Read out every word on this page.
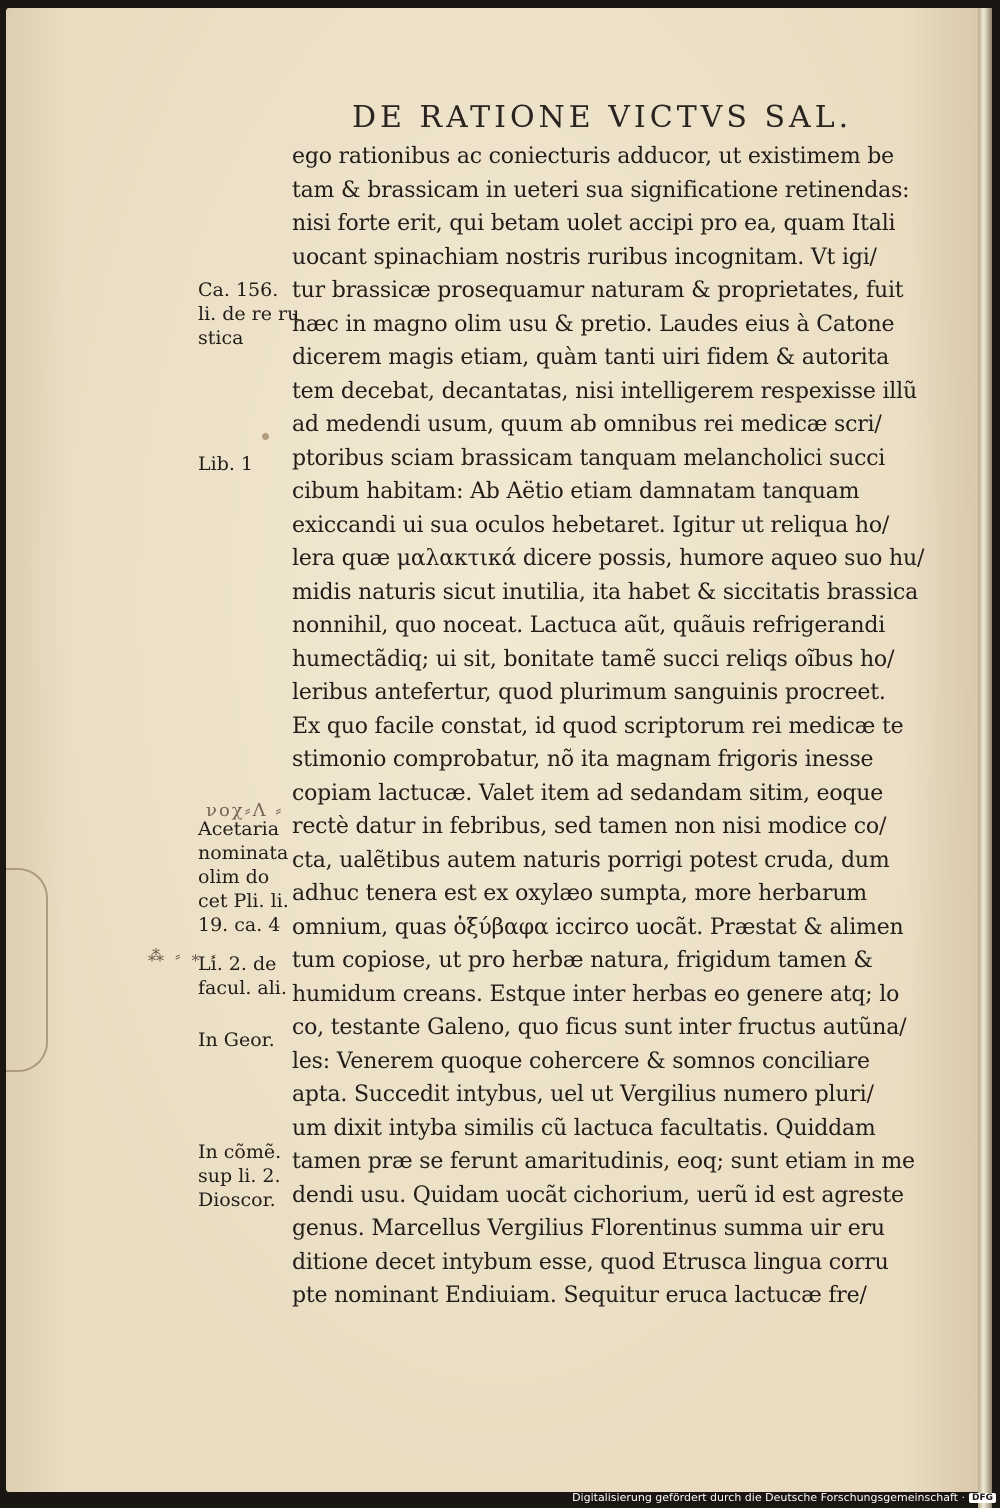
νοχ⸗Λ ⸗
⁂ ⸗ ⁎ ⸗
DE RATIONE VICTVS SAL.
ego rationibus ac coniecturis adducor, ut existimem be
tam & brassicam in ueteri sua significatione retinendas:
nisi forte erit, qui betam uolet accipi pro ea, quam Itali
uocant spinachiam nostris ruribus incognitam. Vt igi/
tur brassicæ prosequamur naturam & proprietates, fuit
hæc in magno olim usu & pretio. Laudes eius à Catone
dicerem magis etiam, quàm tanti uiri fidem & autorita
tem decebat, decantatas, nisi intelligerem respexisse illũ
ad medendi usum, quum ab omnibus rei medicæ scri/
ptoribus sciam brassicam tanquam melancholici succi
cibum habitam: Ab Aëtio etiam damnatam tanquam
exiccandi ui sua oculos hebetaret. Igitur ut reliqua ho/
lera quæ μαλακτικά dicere possis, humore aqueo suo hu/
midis naturis sicut inutilia, ita habet & siccitatis brassica
nonnihil, quo noceat. Lactuca aũt, quãuis refrigerandi
humectãdiq; ui sit, bonitate tamẽ succi reliqs oĩbus ho/
leribus antefertur, quod plurimum sanguinis procreet.
Ex quo facile constat, id quod scriptorum rei medicæ te
stimonio comprobatur, nõ ita magnam frigoris inesse
copiam lactucæ. Valet item ad sedandam sitim, eoque
rectè datur in febribus, sed tamen non nisi modice co/
cta, ualẽtibus autem naturis porrigi potest cruda, dum
adhuc tenera est ex oxylæo sumpta, more herbarum
omnium, quas ὀξύβαφα iccirco uocãt. Præstat & alimen
tum copiose, ut pro herbæ natura, frigidum tamen &
humidum creans. Estque inter herbas eo genere atq; lo
co, testante Galeno, quo ficus sunt inter fructus autũna/
les: Venerem quoque cohercere & somnos conciliare
apta. Succedit intybus, uel ut Vergilius numero pluri/
um dixit intyba similis cũ lactuca facultatis. Quiddam
tamen præ se ferunt amaritudinis, eoq; sunt etiam in me
dendi usu. Quidam uocãt cichorium, uerũ id est agreste
genus. Marcellus Vergilius Florentinus summa uir eru
ditione decet intybum esse, quod Etrusca lingua corru
pte nominant Endiuiam. Sequitur eruca lactucæ fre/
Ca. 156.
li. de re ru
stica
Lib. 1
Acetaria
nominata
olim do
cet Pli. li.
19. ca. 4
Li. 2. de
facul. ali.
In Geor.
In cõmẽ.
sup li. 2.
Dioscor.
Digitalisierung gefördert durch die Deutsche Forschungsgemeinschaft · DFG
